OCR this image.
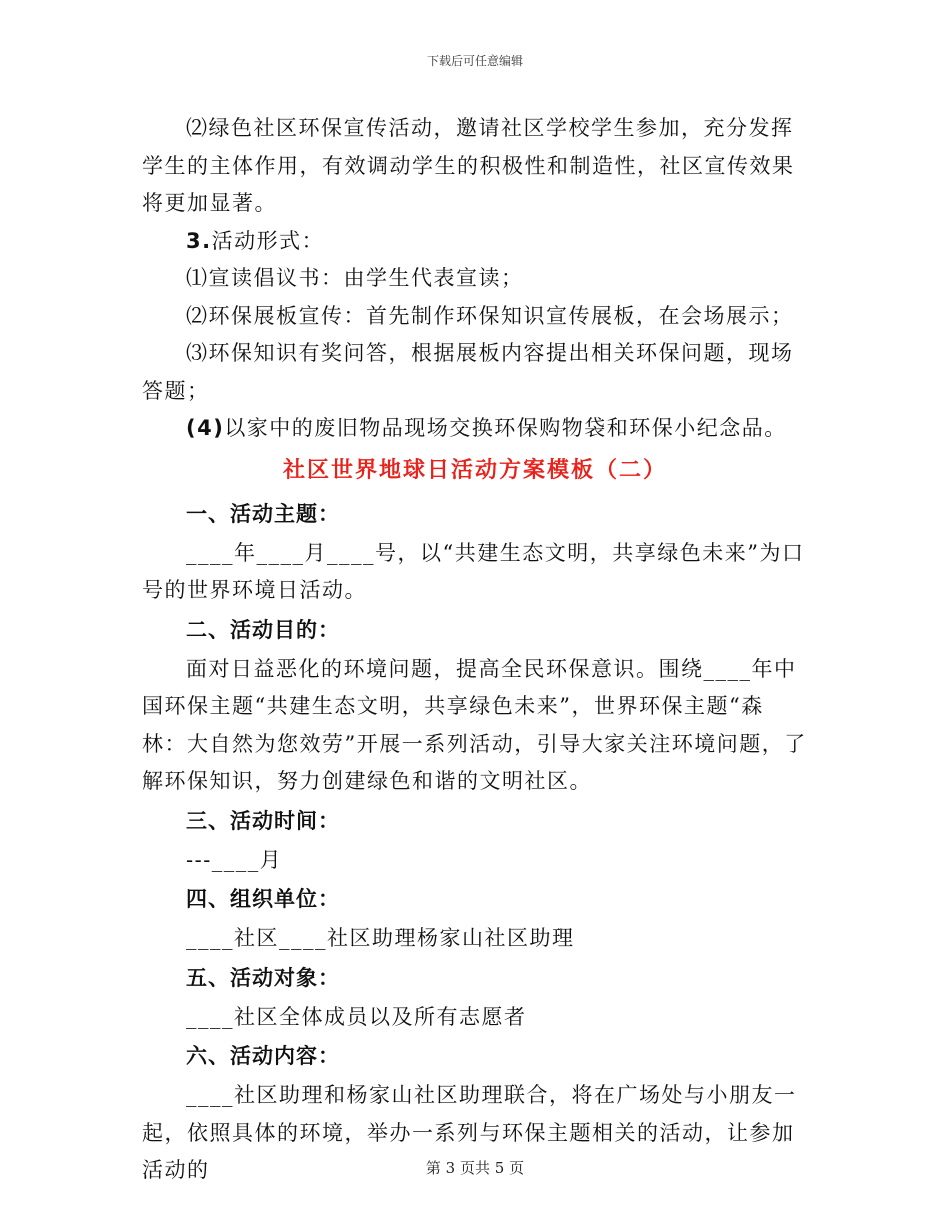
下载后可任意编辑

⑵绿色社区环保宣传活动，邀请社区学校学生参加，充分发挥学生的主体作用，有效调动学生的积极性和制造性，社区宣传效果将更加显著。

3.活动形式：

⑴宣读倡议书：由学生代表宣读；

⑵环保展板宣传：首先制作环保知识宣传展板，在会场展示；

⑶环保知识有奖问答，根据展板内容提出相关环保问题，现场答题；

(4)以家中的废旧物品现场交换环保购物袋和环保小纪念品。

社区世界地球日活动方案模板（二）

一、活动主题：

____年____月____号，以“共建生态文明，共享绿色未来”为口号的世界环境日活动。

二、活动目的：

面对日益恶化的环境问题，提高全民环保意识。围绕____年中国环保主题“共建生态文明，共享绿色未来”，世界环保主题“森林：大自然为您效劳”开展一系列活动，引导大家关注环境问题，了解环保知识，努力创建绿色和谐的文明社区。

三、活动时间：

---____月

四、组织单位：

____社区____社区助理杨家山社区助理

五、活动对象：

____社区全体成员以及所有志愿者

六、活动内容：

____社区助理和杨家山社区助理联合，将在广场处与小朋友一起，依照具体的环境，举办一系列与环保主题相关的活动，让参加活动的	第 3 页共 5 页
